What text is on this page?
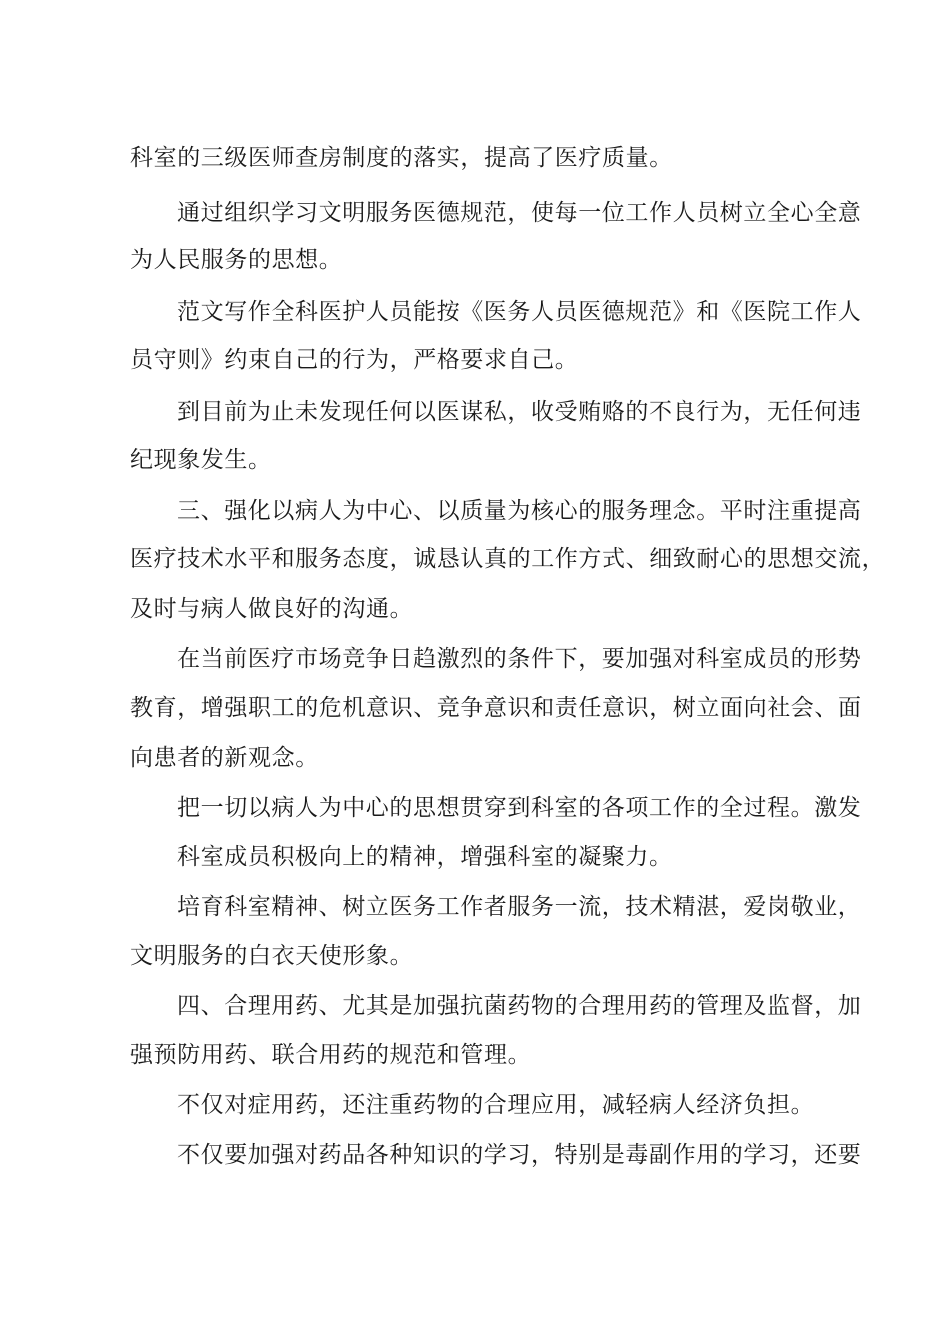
科室的三级医师查房制度的落实，提高了医疗质量。
通过组织学习文明服务医德规范，使每一位工作人员树立全心全意
为人民服务的思想。
范文写作全科医护人员能按《医务人员医德规范》和《医院工作人
员守则》约束自己的行为，严格要求自己。
到目前为止未发现任何以医谋私，收受贿赂的不良行为，无任何违
纪现象发生。
三、强化以病人为中心、以质量为核心的服务理念。平时注重提高
医疗技术水平和服务态度，诚恳认真的工作方式、细致耐心的思想交流，
及时与病人做良好的沟通。
在当前医疗市场竞争日趋激烈的条件下，要加强对科室成员的形势
教育，增强职工的危机意识、竞争意识和责任意识，树立面向社会、面
向患者的新观念。
把一切以病人为中心的思想贯穿到科室的各项工作的全过程。激发
科室成员积极向上的精神，增强科室的凝聚力。
培育科室精神、树立医务工作者服务一流，技术精湛，爱岗敬业，
文明服务的白衣天使形象。
四、合理用药、尤其是加强抗菌药物的合理用药的管理及监督，加
强预防用药、联合用药的规范和管理。
不仅对症用药，还注重药物的合理应用，减轻病人经济负担。
不仅要加强对药品各种知识的学习，特别是毒副作用的学习，还要
